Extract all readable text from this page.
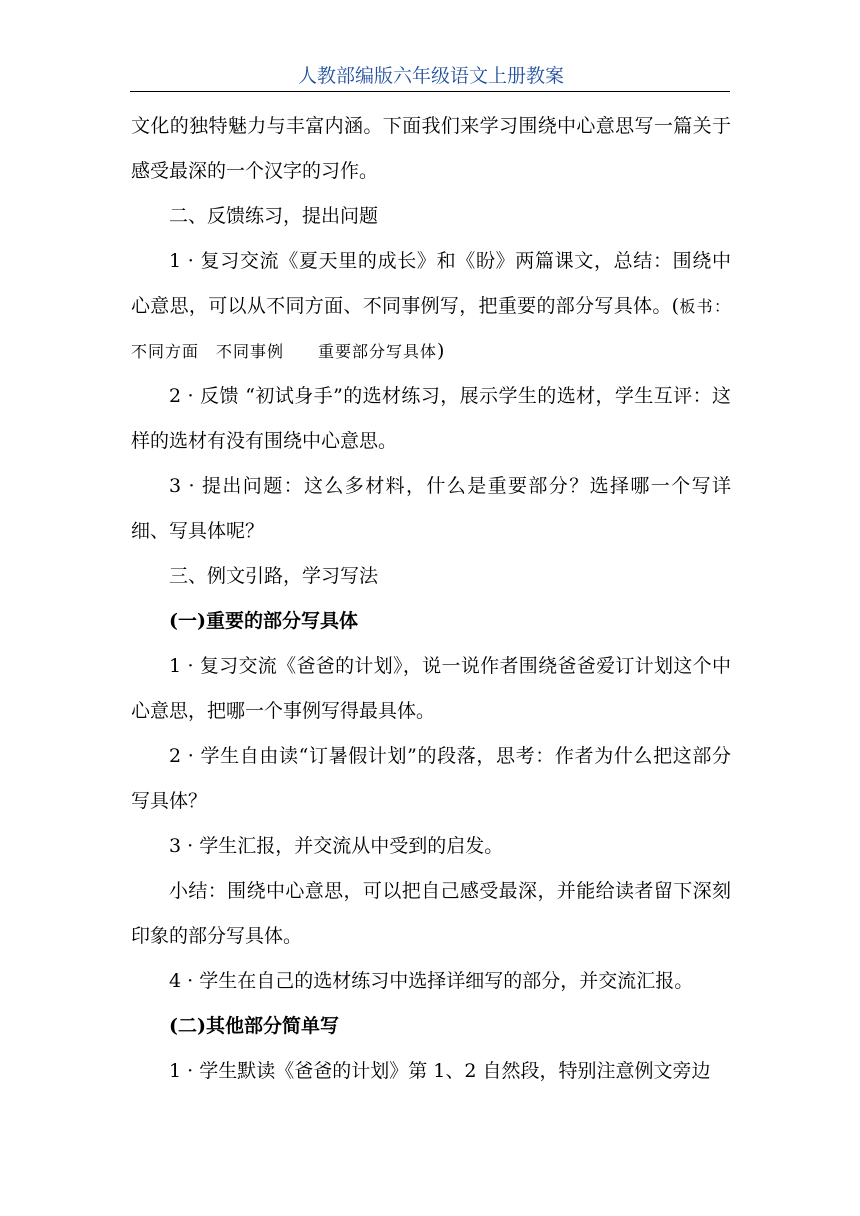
人教部编版六年级语文上册教案

文化的独特魅力与丰富内涵。下面我们来学习围绕中心意思写一篇关于感受最深的一个汉字的习作。

二、反馈练习，提出问题

1 · 复习交流《夏天里的成长》和《盼》两篇课文，总结：围绕中心意思，可以从不同方面、不同事例写，把重要的部分写具体。(板书：不同方面　不同事例　　重要部分写具体)

2 · 反馈 “初试身手”的选材练习，展示学生的选材，学生互评：这样的选材有没有围绕中心意思。

3 · 提出问题：这么多材料，什么是重要部分？选择哪一个写详细、写具体呢？

三、例文引路，学习写法

(一)重要的部分写具体

1 · 复习交流《爸爸的计划》，说一说作者围绕爸爸爱订计划这个中心意思，把哪一个事例写得最具体。

2 · 学生自由读“订暑假计划”的段落，思考：作者为什么把这部分写具体？

3 · 学生汇报，并交流从中受到的启发。

小结：围绕中心意思，可以把自己感受最深，并能给读者留下深刻印象的部分写具体。

4 · 学生在自己的选材练习中选择详细写的部分，并交流汇报。

(二)其他部分简单写

1 · 学生默读《爸爸的计划》第 1、2 自然段，特别注意例文旁边
